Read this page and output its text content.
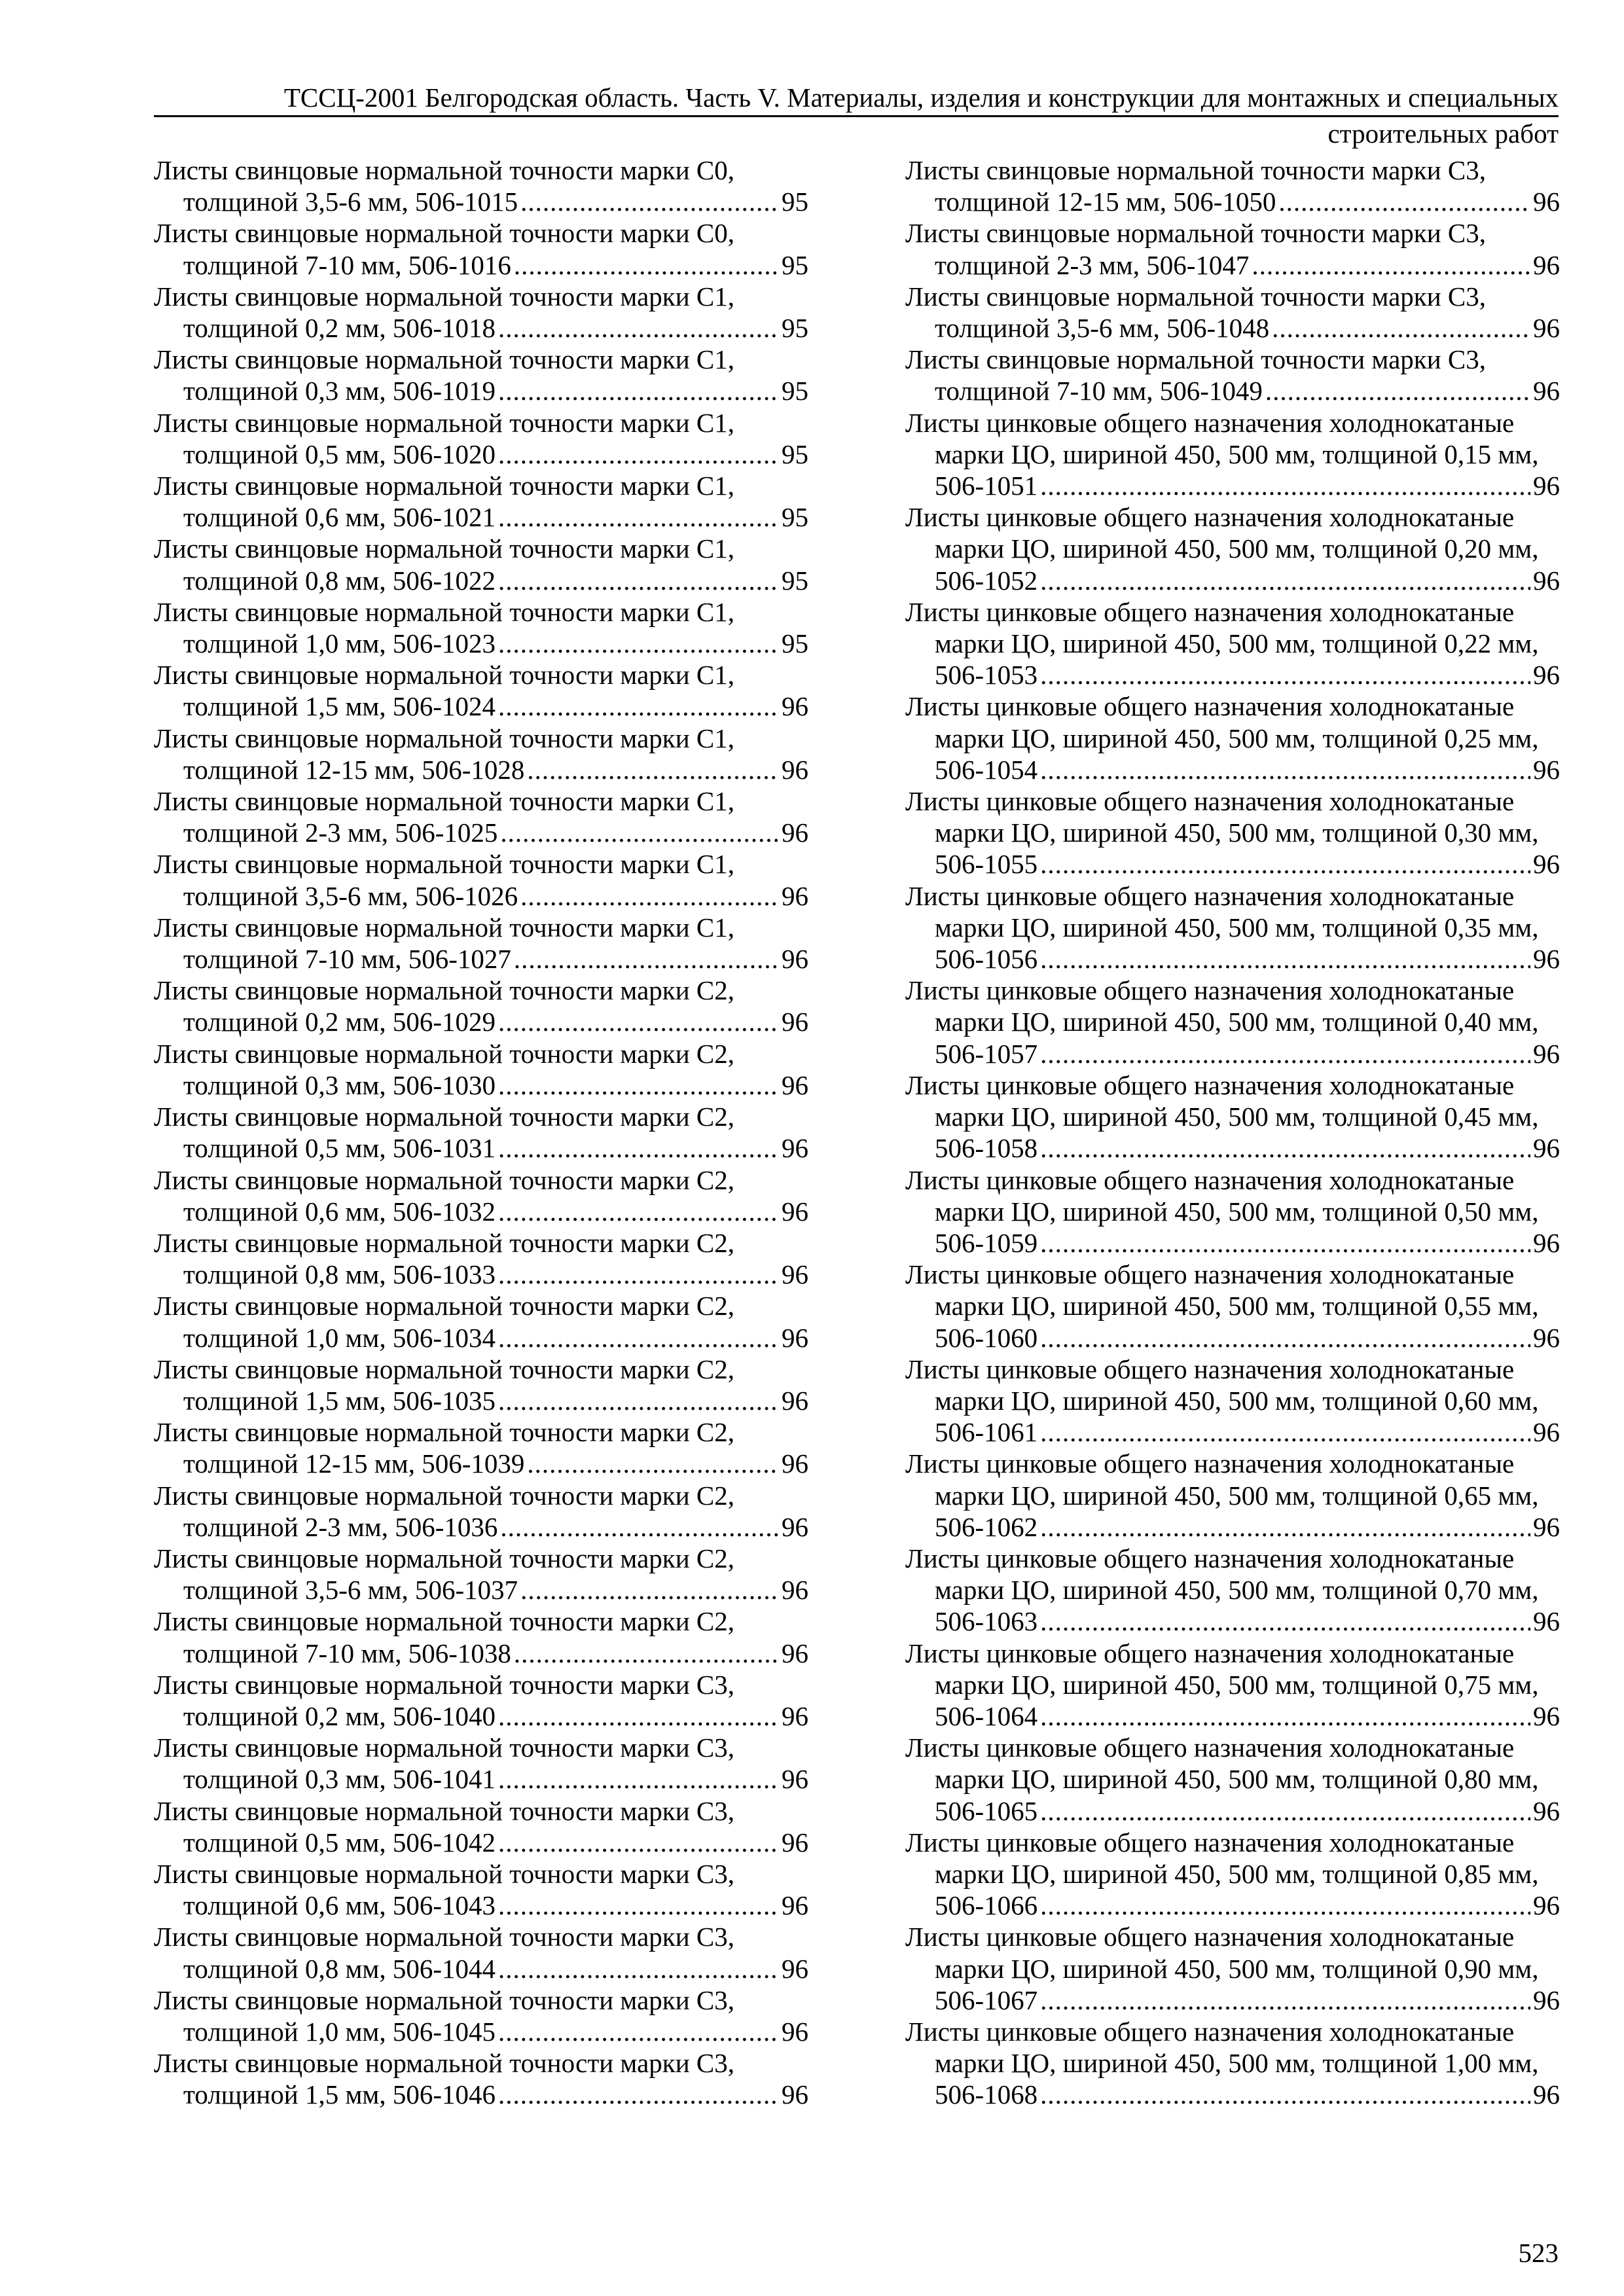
ТССЦ-2001 Белгородская область. Часть V. Материалы, изделия и конструкции для монтажных и специальных
строительных работ
Листы свинцовые нормальной точности марки С0,
толщиной 3,5-6 мм, 506-1015 .....	95
Листы свинцовые нормальной точности марки С0,
толщиной 7-10 мм, 506-1016 .....	95
Листы свинцовые нормальной точности марки С1,
толщиной 0,2 мм, 506-1018 .....	95
Листы свинцовые нормальной точности марки С1,
толщиной 0,3 мм, 506-1019 .....	95
Листы свинцовые нормальной точности марки С1,
толщиной 0,5 мм, 506-1020 .....	95
Листы свинцовые нормальной точности марки С1,
толщиной 0,6 мм, 506-1021 .....	95
Листы свинцовые нормальной точности марки С1,
толщиной 0,8 мм, 506-1022 .....	95
Листы свинцовые нормальной точности марки С1,
толщиной 1,0 мм, 506-1023 .....	95
Листы свинцовые нормальной точности марки С1,
толщиной 1,5 мм, 506-1024 .....	96
Листы свинцовые нормальной точности марки С1,
толщиной 12-15 мм, 506-1028 .....	96
Листы свинцовые нормальной точности марки С1,
толщиной 2-3 мм, 506-1025 .....	96
Листы свинцовые нормальной точности марки С1,
толщиной 3,5-6 мм, 506-1026 .....	96
Листы свинцовые нормальной точности марки С1,
толщиной 7-10 мм, 506-1027 .....	96
Листы свинцовые нормальной точности марки С2,
толщиной 0,2 мм, 506-1029 .....	96
Листы свинцовые нормальной точности марки С2,
толщиной 0,3 мм, 506-1030 .....	96
Листы свинцовые нормальной точности марки С2,
толщиной 0,5 мм, 506-1031 .....	96
Листы свинцовые нормальной точности марки С2,
толщиной 0,6 мм, 506-1032 .....	96
Листы свинцовые нормальной точности марки С2,
толщиной 0,8 мм, 506-1033 .....	96
Листы свинцовые нормальной точности марки С2,
толщиной 1,0 мм, 506-1034 .....	96
Листы свинцовые нормальной точности марки С2,
толщиной 1,5 мм, 506-1035 .....	96
Листы свинцовые нормальной точности марки С2,
толщиной 12-15 мм, 506-1039 .....	96
Листы свинцовые нормальной точности марки С2,
толщиной 2-3 мм, 506-1036 .....	96
Листы свинцовые нормальной точности марки С2,
толщиной 3,5-6 мм, 506-1037 .....	96
Листы свинцовые нормальной точности марки С2,
толщиной 7-10 мм, 506-1038 .....	96
Листы свинцовые нормальной точности марки С3,
толщиной 0,2 мм, 506-1040 .....	96
Листы свинцовые нормальной точности марки С3,
толщиной 0,3 мм, 506-1041 .....	96
Листы свинцовые нормальной точности марки С3,
толщиной 0,5 мм, 506-1042 .....	96
Листы свинцовые нормальной точности марки С3,
толщиной 0,6 мм, 506-1043 .....	96
Листы свинцовые нормальной точности марки С3,
толщиной 0,8 мм, 506-1044 .....	96
Листы свинцовые нормальной точности марки С3,
толщиной 1,0 мм, 506-1045 .....	96
Листы свинцовые нормальной точности марки С3,
толщиной 1,5 мм, 506-1046 .....	96
Листы свинцовые нормальной точности марки С3,
толщиной 12-15 мм, 506-1050 .....	96
Листы свинцовые нормальной точности марки С3,
толщиной 2-3 мм, 506-1047 .....	96
Листы свинцовые нормальной точности марки С3,
толщиной 3,5-6 мм, 506-1048 .....	96
Листы свинцовые нормальной точности марки С3,
толщиной 7-10 мм, 506-1049 .....	96
Листы цинковые общего назначения холоднокатаные
марки ЦО, шириной 450, 500 мм, толщиной 0,15 мм,
506-1051 .....	96
Листы цинковые общего назначения холоднокатаные
марки ЦО, шириной 450, 500 мм, толщиной 0,20 мм,
506-1052 .....	96
Листы цинковые общего назначения холоднокатаные
марки ЦО, шириной 450, 500 мм, толщиной 0,22 мм,
506-1053 .....	96
Листы цинковые общего назначения холоднокатаные
марки ЦО, шириной 450, 500 мм, толщиной 0,25 мм,
506-1054 .....	96
Листы цинковые общего назначения холоднокатаные
марки ЦО, шириной 450, 500 мм, толщиной 0,30 мм,
506-1055 .....	96
Листы цинковые общего назначения холоднокатаные
марки ЦО, шириной 450, 500 мм, толщиной 0,35 мм,
506-1056 .....	96
Листы цинковые общего назначения холоднокатаные
марки ЦО, шириной 450, 500 мм, толщиной 0,40 мм,
506-1057 .....	96
Листы цинковые общего назначения холоднокатаные
марки ЦО, шириной 450, 500 мм, толщиной 0,45 мм,
506-1058 .....	96
Листы цинковые общего назначения холоднокатаные
марки ЦО, шириной 450, 500 мм, толщиной 0,50 мм,
506-1059 .....	96
Листы цинковые общего назначения холоднокатаные
марки ЦО, шириной 450, 500 мм, толщиной 0,55 мм,
506-1060 .....	96
Листы цинковые общего назначения холоднокатаные
марки ЦО, шириной 450, 500 мм, толщиной 0,60 мм,
506-1061 .....	96
Листы цинковые общего назначения холоднокатаные
марки ЦО, шириной 450, 500 мм, толщиной 0,65 мм,
506-1062 .....	96
Листы цинковые общего назначения холоднокатаные
марки ЦО, шириной 450, 500 мм, толщиной 0,70 мм,
506-1063 .....	96
Листы цинковые общего назначения холоднокатаные
марки ЦО, шириной 450, 500 мм, толщиной 0,75 мм,
506-1064 .....	96
Листы цинковые общего назначения холоднокатаные
марки ЦО, шириной 450, 500 мм, толщиной 0,80 мм,
506-1065 .....	96
Листы цинковые общего назначения холоднокатаные
марки ЦО, шириной 450, 500 мм, толщиной 0,85 мм,
506-1066 .....	96
Листы цинковые общего назначения холоднокатаные
марки ЦО, шириной 450, 500 мм, толщиной 0,90 мм,
506-1067 .....	96
Листы цинковые общего назначения холоднокатаные
марки ЦО, шириной 450, 500 мм, толщиной 1,00 мм,
506-1068 .....	96
523
